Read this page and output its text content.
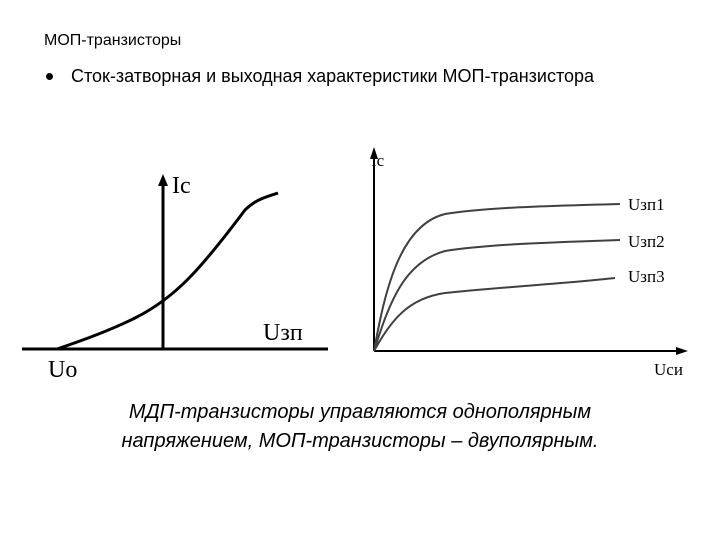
МОП-транзисторы
Сток-затворная и выходная характеристики МОП-транзистора
Iс
Uзп
Uо
Iс
Uси
Uзп1
Uзп2
Uзп3
МДП-транзисторы управляются однополярным
напряжением, МОП-транзисторы – двуполярным.
